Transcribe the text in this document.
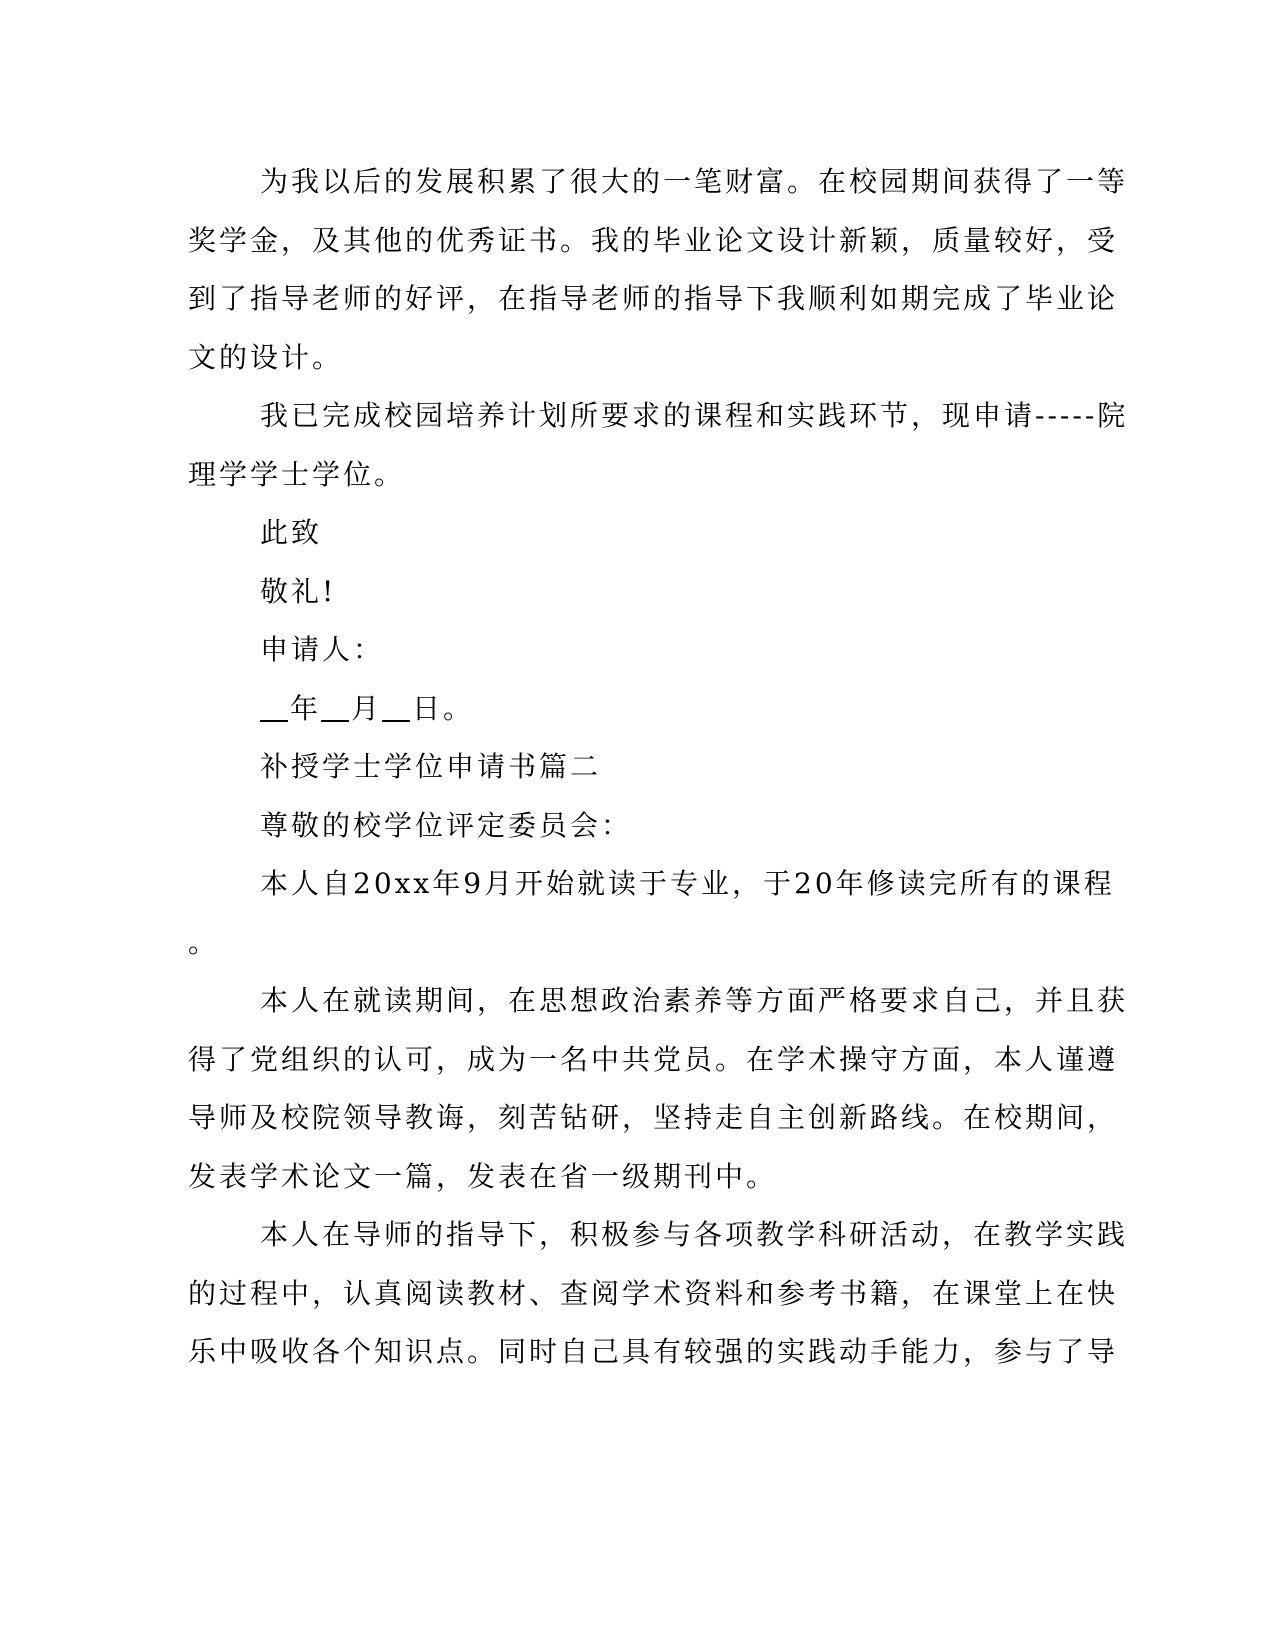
为我以后的发展积累了很大的一笔财富。在校园期间获得了一等
奖学金，及其他的优秀证书。我的毕业论文设计新颖，质量较好，受
到了指导老师的好评，在指导老师的指导下我顺利如期完成了毕业论
文的设计。
我已完成校园培养计划所要求的课程和实践环节，现申请-----院
理学学士学位。
此致
敬礼!
申请人：
年 月 日。
补授学士学位申请书篇二
尊敬的校学位评定委员会：
本人自20xx年9月开始就读于专业，于20年修读完所有的课程
。
本人在就读期间，在思想政治素养等方面严格要求自己，并且获
得了党组织的认可，成为一名中共党员。在学术操守方面，本人谨遵
导师及校院领导教诲，刻苦钻研，坚持走自主创新路线。在校期间，
发表学术论文一篇，发表在省一级期刊中。
本人在导师的指导下，积极参与各项教学科研活动，在教学实践
的过程中，认真阅读教材、查阅学术资料和参考书籍，在课堂上在快
乐中吸收各个知识点。同时自己具有较强的实践动手能力，参与了导
